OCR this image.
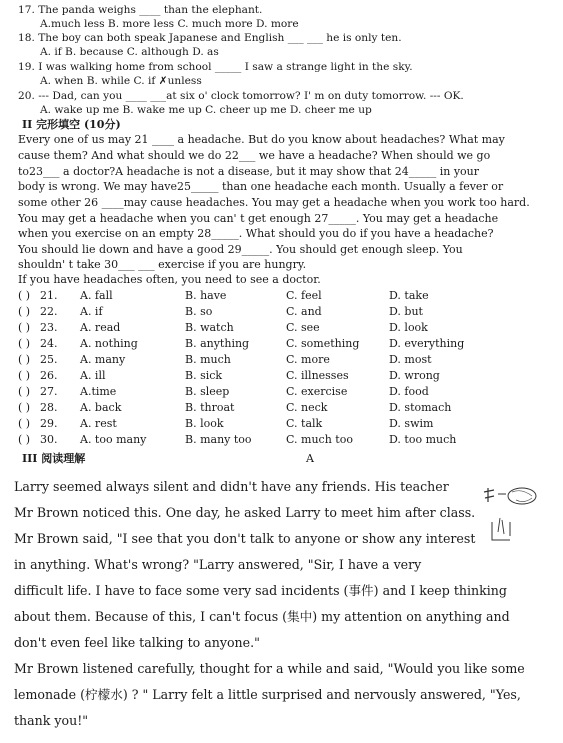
17. The panda weighs ____ than the elephant.
A.much less B. more less C. much more D. more
18. The boy can both speak Japanese and English ___ ___ he is only ten.
A. if B. because C. although D. as
19. I was walking home from school _____ I saw a strange light in the sky.
A. when B. while C. if ✗unless
20. --- Dad, can you ____ ___at six o' clock tomorrow? I' m on duty tomorrow. --- OK.
A. wake up me B. wake me up C. cheer up me D. cheer me up
II 完形填空 (10分)
Every one of us may 21 ____ a headache. But do you know about headaches? What may
cause them? And what should we do 22___ we have a headache? When should we go
to23___ a doctor?A headache is not a disease, but it may show that 24_____ in your
body is wrong. We may have25_____ than one headache each month. Usually a fever or
some other 26 ____may cause headaches. You may get a headache when you work too hard.
You may get a headache when you can' t get enough 27_____. You may get a headache
when you exercise on an empty 28_____. What should you do if you have a headache?
You should lie down and have a good 29_____. You should get enough sleep. You
shouldn' t take 30___ ___ exercise if you are hungry.
If you have headaches often, you need to see a doctor.
( ) 21. A. fall	B. have	C. feel	D. take
( ) 22. A. if	B. so	C. and	D. but
( ) 23. A. read	B. watch	C. see	D. look
( ) 24. A. nothing	B. anything	C. something	D. everything
( ) 25. A. many	B. much	C. more	D. most
( ) 26. A. ill	B. sick	C. illnesses	D. wrong
( ) 27. A.time	B. sleep	C. exercise	D. food
( ) 28. A. back	B. throat	C. neck	D. stomach
( ) 29. A. rest	B. look	C. talk	D. swim
( ) 30. A. too many	B. many too	C. much too	D. too much
III 阅读理解	A
Larry seemed always silent and didn't have any friends. His teacher
Mr Brown noticed this. One day, he asked Larry to meet him after class.
Mr Brown said, "I see that you don't talk to anyone or show any interest
in anything. What's wrong? "Larry answered, "Sir, I have a very
difficult life. I have to face some very sad incidents (事件) and I keep thinking
about them. Because of this, I can't focus (集中) my attention on anything and
don't even feel like talking to anyone."
Mr Brown listened carefully, thought for a while and said, "Would you like some
lemonade (柠檬水) ? " Larry felt a little surprised and nervously answered, "Yes,
thank you!"
